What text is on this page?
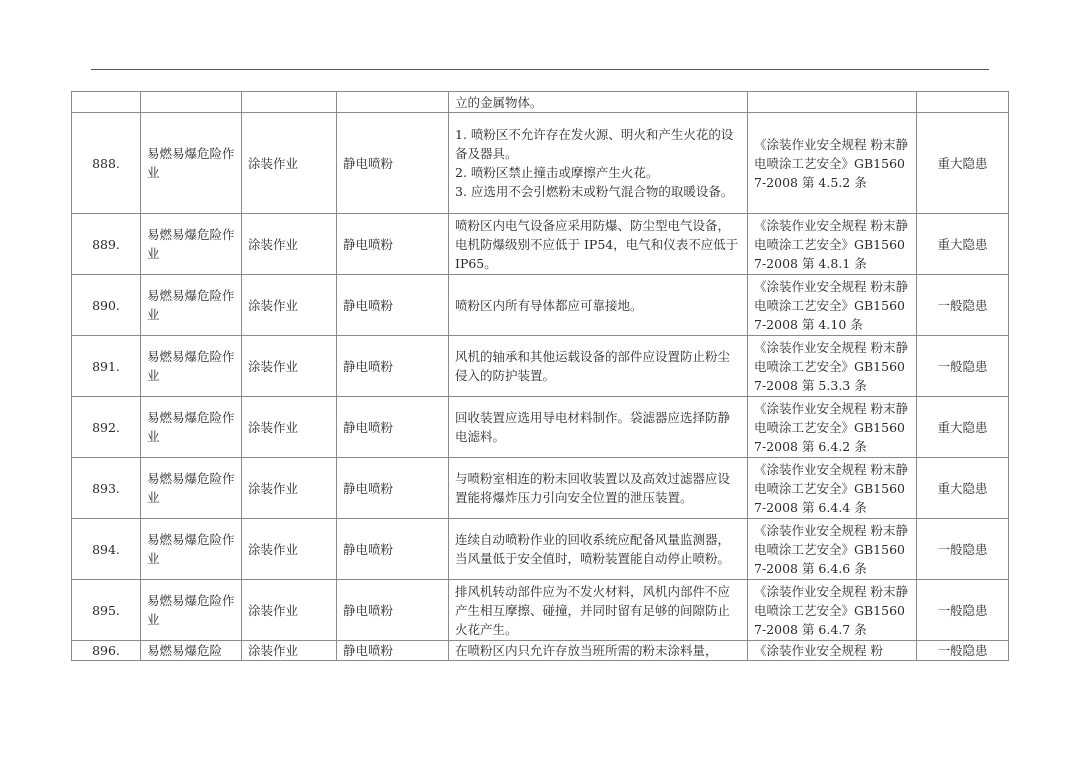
				立的金属物体。		
888.	易燃易爆危险作业	涂装作业	静电喷粉	1. 喷粉区不允许存在发火源、明火和产生火花的设备及器具。
2. 喷粉区禁止撞击或摩擦产生火花。
3. 应选用不会引燃粉末或粉气混合物的取暖设备。	《涂装作业安全规程 粉末静电喷涂工艺安全》GB15607-2008 第 4.5.2 条	重大隐患
889.	易燃易爆危险作业	涂装作业	静电喷粉	喷粉区内电气设备应采用防爆、防尘型电气设备，电机防爆级别不应低于 IP54，电气和仪表不应低于 IP65。	《涂装作业安全规程 粉末静电喷涂工艺安全》GB15607-2008 第 4.8.1 条	重大隐患
890.	易燃易爆危险作业	涂装作业	静电喷粉	喷粉区内所有导体都应可靠接地。	《涂装作业安全规程 粉末静电喷涂工艺安全》GB15607-2008 第 4.10 条	一般隐患
891.	易燃易爆危险作业	涂装作业	静电喷粉	风机的轴承和其他运载设备的部件应设置防止粉尘侵入的防护装置。	《涂装作业安全规程 粉末静电喷涂工艺安全》GB15607-2008 第 5.3.3 条	一般隐患
892.	易燃易爆危险作业	涂装作业	静电喷粉	回收装置应选用导电材料制作。袋滤器应选择防静电滤料。	《涂装作业安全规程 粉末静电喷涂工艺安全》GB15607-2008 第 6.4.2 条	重大隐患
893.	易燃易爆危险作业	涂装作业	静电喷粉	与喷粉室相连的粉末回收装置以及高效过滤器应设置能将爆炸压力引向安全位置的泄压装置。	《涂装作业安全规程 粉末静电喷涂工艺安全》GB15607-2008 第 6.4.4 条	重大隐患
894.	易燃易爆危险作业	涂装作业	静电喷粉	连续自动喷粉作业的回收系统应配备风量监测器，当风量低于安全值时，喷粉装置能自动停止喷粉。	《涂装作业安全规程 粉末静电喷涂工艺安全》GB15607-2008 第 6.4.6 条	一般隐患
895.	易燃易爆危险作业	涂装作业	静电喷粉	排风机转动部件应为不发火材料，风机内部件不应产生相互摩擦、碰撞，并同时留有足够的间隙防止火花产生。	《涂装作业安全规程 粉末静电喷涂工艺安全》GB15607-2008 第 6.4.7 条	一般隐患
896.	易燃易爆危险	涂装作业	静电喷粉	在喷粉区内只允许存放当班所需的粉末涂料量，	《涂装作业安全规程 粉	一般隐患
